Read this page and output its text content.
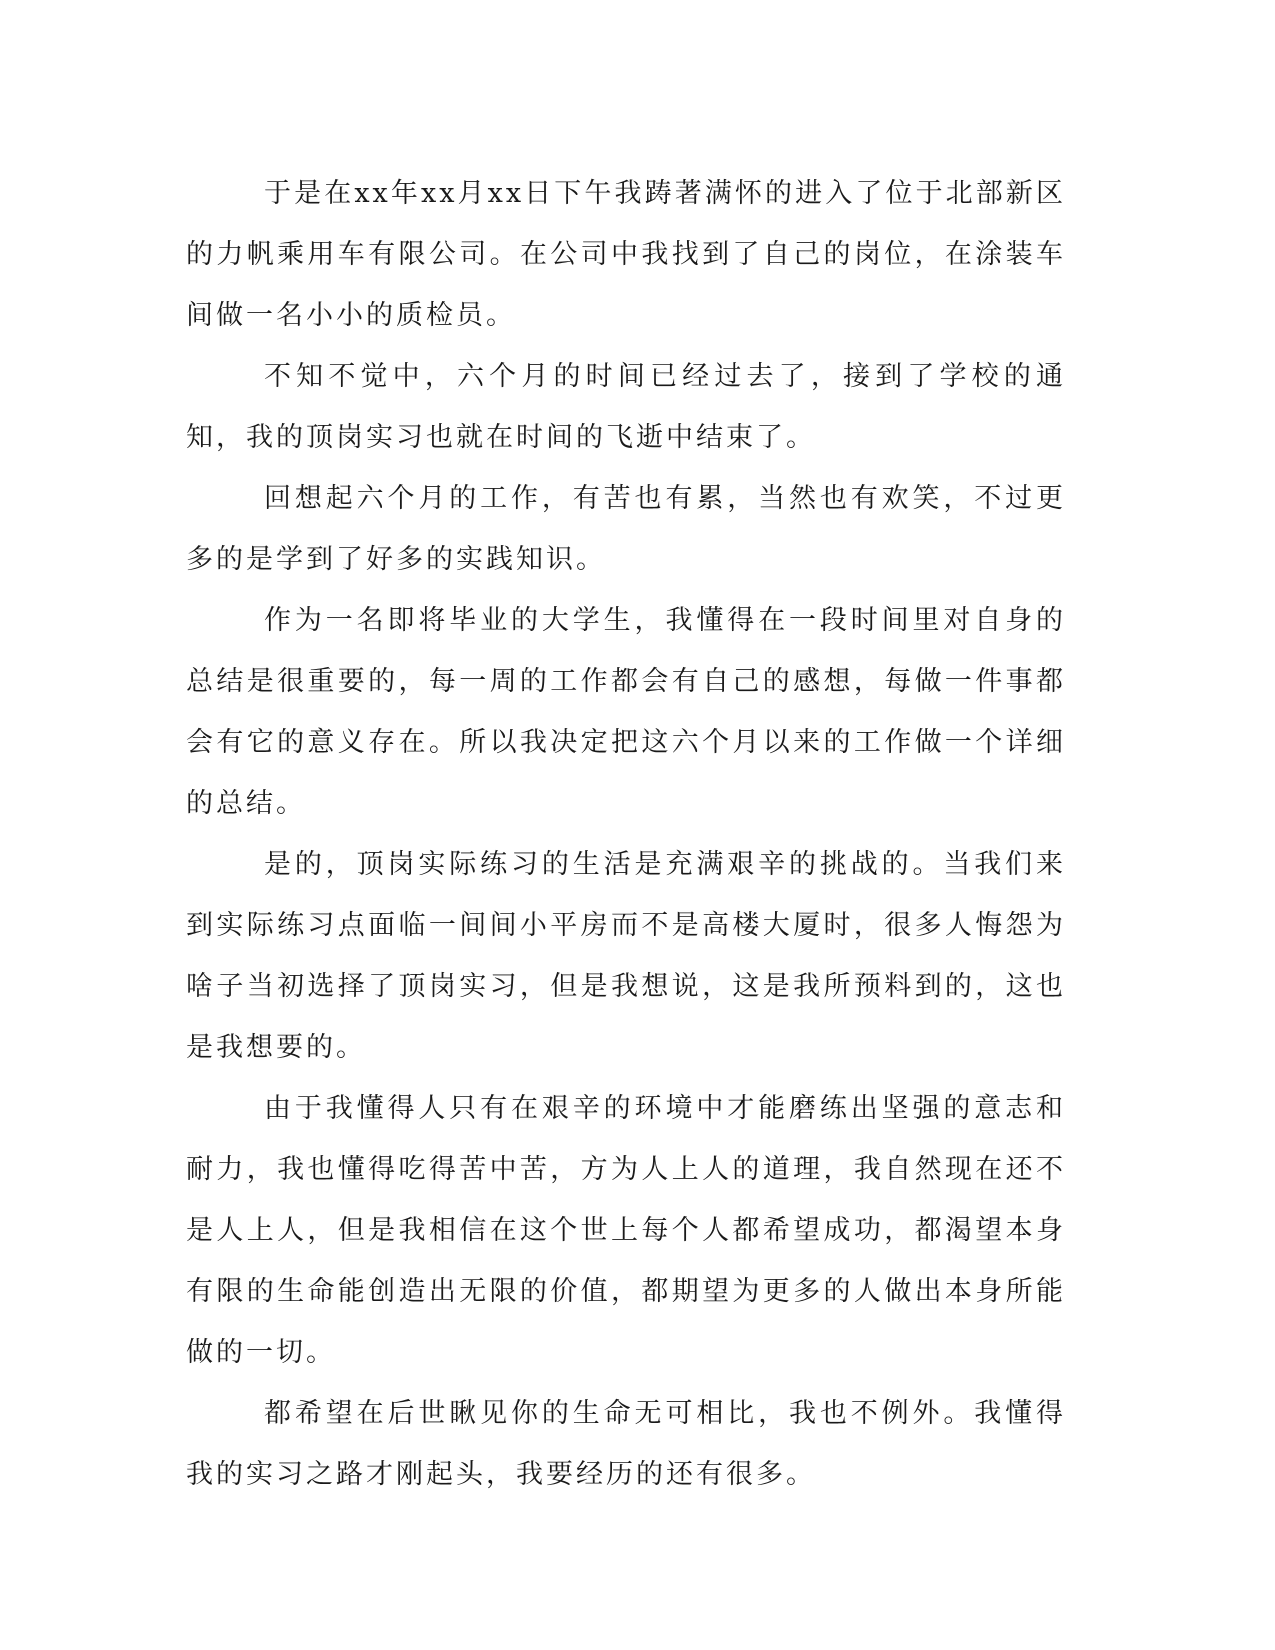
于是在xx年xx月xx日下午我踌著满怀的进入了位于北部新区的力帆乘用车有限公司。在公司中我找到了自己的岗位，在涂装车间做一名小小的质检员。

不知不觉中，六个月的时间已经过去了，接到了学校的通知，我的顶岗实习也就在时间的飞逝中结束了。

回想起六个月的工作，有苦也有累，当然也有欢笑，不过更多的是学到了好多的实践知识。

作为一名即将毕业的大学生，我懂得在一段时间里对自身的总结是很重要的，每一周的工作都会有自己的感想，每做一件事都会有它的意义存在。所以我决定把这六个月以来的工作做一个详细的总结。

是的，顶岗实际练习的生活是充满艰辛的挑战的。当我们来到实际练习点面临一间间小平房而不是高楼大厦时，很多人悔怨为啥子当初选择了顶岗实习，但是我想说，这是我所预料到的，这也是我想要的。

由于我懂得人只有在艰辛的环境中才能磨练出坚强的意志和耐力，我也懂得吃得苦中苦，方为人上人的道理，我自然现在还不是人上人，但是我相信在这个世上每个人都希望成功，都渴望本身有限的生命能创造出无限的价值，都期望为更多的人做出本身所能做的一切。

都希望在后世瞅见你的生命无可相比，我也不例外。我懂得我的实习之路才刚起头，我要经历的还有很多。
